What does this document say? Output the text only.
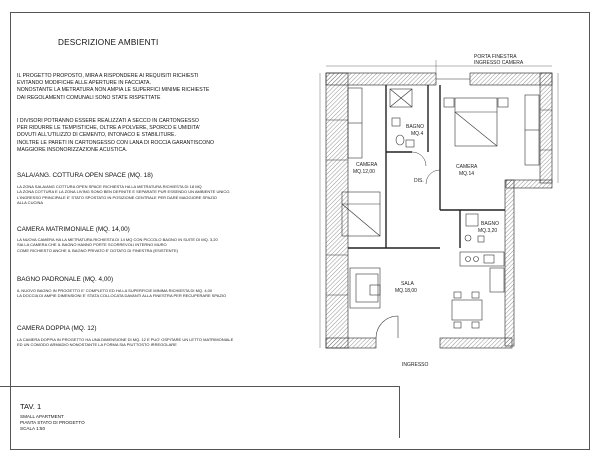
DESCRIZIONE AMBIENTI
IL PROGETTO PROPOSTO, MIRA A RISPONDERE AI REQUISITI RICHIESTI
EVITANDO MODIFICHE ALLE APERTURE IN FACCIATA.
NONOSTANTE LA METRATURA NON AMPIA LE SUPERFICI MINIME RICHIESTE
DAI REGOLAMENTI COMUNALI SONO STATE RISPETTATE
I DIVISORI POTRANNO ESSERE REALIZZATI A SECCO IN CARTONGESSO
PER RIDURRE LE TEMPISTICHE, OLTRE A POLVERE, SPORCO E UMIDITA'
DOVUTI ALL'UTILIZZO DI CEMENTO, INTONACO E STABILITURE.
INOLTRE LE PARETI IN CARTONGESSO CON LANA DI ROCCIA GARANTISCONO
MAGGIORE INSONORIZZAZIONE ACUSTICA.
SALA/ANG. COTTURA OPEN SPACE (MQ. 18)
LA ZONA SALA/ANG COTTURA OPEN SPACE RICHIESTA HA LA METRATURA RICHIESTA DI 18 MQ
LA ZONA COTTURA E LA ZONA LIVING SONO BEN DEFINITE E SEPARATE PUR ESSENDO UN AMBIENTE UNICO.
L'INGRESSO PRINCIPALE E' STATO SPOSTATO IN POSIZIONE CENTRALE PER DARE MAGGIORE SPAZIO
ALLA CUCINA
CAMERA MATRIMONIALE (MQ. 14,00)
LA NUOVA CAMERA HA LA METRATURA RICHIESTA DI 14 MQ CON PICCOLO BAGNO IN SUITE DI MQ. 3,20
SIA LA CAMERA CHE IL BAGNO HANNO PORTE SCORREVOLI INTERNO MURO
COME RICHIESTO ANCHE IL BAGNO PRIVATO E' DOTATO DI FINESTRA (ESISTENTE)
BAGNO PADRONALE (MQ. 4,00)
IL NUOVO BAGNO IN PROGETTO E' COMPLETO ED HA LA SUPERFICIE MINIMA RICHIESTA DI MQ. 4,00
LA DOCCIA DI AMPIE DIMENSIONI E' STATA COLLOCATA DAVANTI ALLA FINESTRA PER RECUPERARE SPAZIO
CAMERA DOPPIA (MQ. 12)
LA CAMERA DOPPIA IN PROGETTO HA UNA DIMENSIONE DI MQ. 12 E PUO' OSPITARE UN LETTO MATRIMONIALE
ED UN COMODO ARMADIO NONOSTANTE LA FORMA SIA PIUTTOSTO IRREGOLARE
TAV. 1
SMALL APARTMENT
PIANTA STATO DI PROGETTO
SCALA 1:50
PORTA FINESTRA
INGRESSO CAMERA
BAGNO
MQ.4
CAMERA
MQ.14
CAMERA
MQ.12,00
DIS.
BAGNO
MQ.3,20
SALA
MQ.18,00
INGRESSO
